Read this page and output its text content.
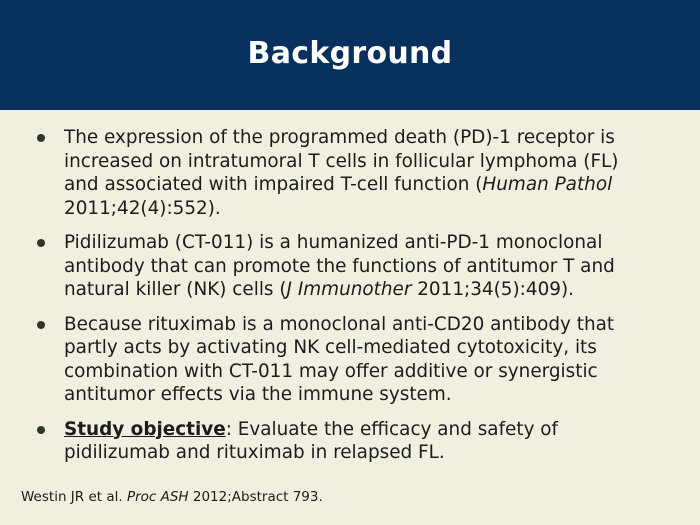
Background
The expression of the programmed death (PD)-1 receptor is
increased on intratumoral T cells in follicular lymphoma (FL)
and associated with impaired T-cell function (Human Pathol
2011;42(4):552).
Pidilizumab (CT-011) is a humanized anti-PD-1 monoclonal
antibody that can promote the functions of antitumor T and
natural killer (NK) cells (J Immunother 2011;34(5):409).
Because rituximab is a monoclonal anti-CD20 antibody that
partly acts by activating NK cell-mediated cytotoxicity, its
combination with CT-011 may offer additive or synergistic
antitumor effects via the immune system.
Study objective: Evaluate the efficacy and safety of
pidilizumab and rituximab in relapsed FL.
Westin JR et al. Proc ASH 2012;Abstract 793.
